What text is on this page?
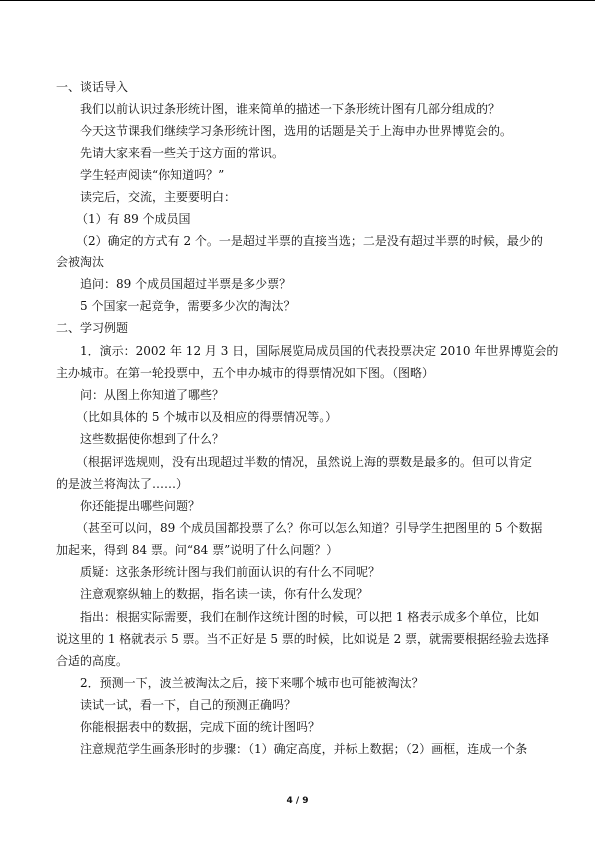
一、谈话导入
我们以前认识过条形统计图，谁来简单的描述一下条形统计图有几部分组成的？
今天这节课我们继续学习条形统计图，选用的话题是关于上海申办世界博览会的。
先请大家来看一些关于这方面的常识。
学生轻声阅读“你知道吗？”
读完后，交流，主要要明白：
（1）有 89 个成员国
（2）确定的方式有 2 个。一是超过半票的直接当选；二是没有超过半票的时候，最少的
会被淘汰
追问：89 个成员国超过半票是多少票？
5 个国家一起竞争，需要多少次的淘汰？
二、学习例题
1．演示：2002 年 12 月 3 日，国际展览局成员国的代表投票决定 2010 年世界博览会的
主办城市。在第一轮投票中，五个申办城市的得票情况如下图。（图略）
问：从图上你知道了哪些？
（比如具体的 5 个城市以及相应的得票情况等。）
这些数据使你想到了什么？
（根据评选规则，没有出现超过半数的情况，虽然说上海的票数是最多的。但可以肯定
的是波兰将淘汰了……）
你还能提出哪些问题？
（甚至可以问，89 个成员国都投票了么？你可以怎么知道？引导学生把图里的 5 个数据
加起来，得到 84 票。问“84 票”说明了什么问题？）
质疑：这张条形统计图与我们前面认识的有什么不同呢？
注意观察纵轴上的数据，指名读一读，你有什么发现？
指出：根据实际需要，我们在制作这统计图的时候，可以把 1 格表示成多个单位，比如
说这里的 1 格就表示 5 票。当不正好是 5 票的时候，比如说是 2 票，就需要根据经验去选择
合适的高度。
2．预测一下，波兰被淘汰之后，接下来哪个城市也可能被淘汰？
读试一试，看一下，自己的预测正确吗？
你能根据表中的数据，完成下面的统计图吗？
注意规范学生画条形时的步骤：（1）确定高度，并标上数据；（2）画框，连成一个条
4 / 9
